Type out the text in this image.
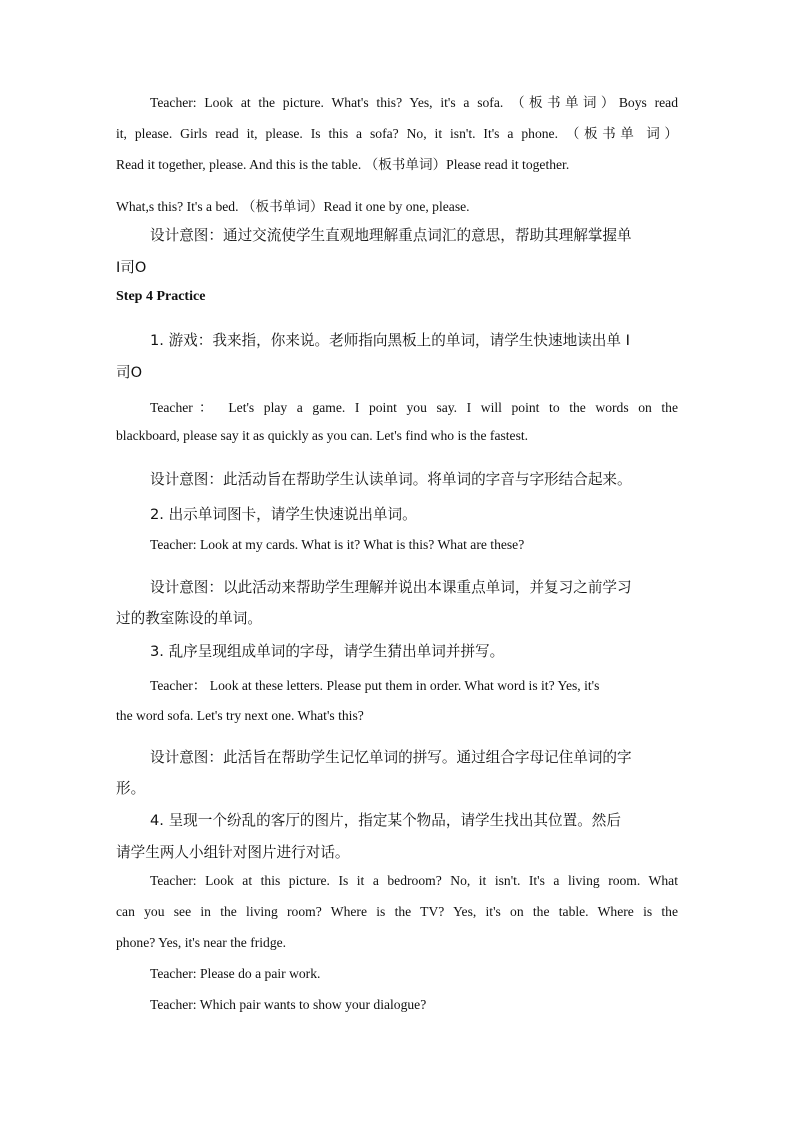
Teacher: Look at the picture. What's this? Yes, it's a sofa. （板书单词）Boys read

it, please. Girls read it, please. Is this a sofa? No, it isn't. It's a phone. （板书单 词）

Read it together, please. And this is the table. （板书单词）Please read it together.

What,s this? It's a bed. （板书单词）Read it one by one, please.

设计意图：通过交流使学生直观地理解重点词汇的意思，帮助其理解掌握单

I司O

Step 4 Practice

1. 游戏：我来指，你来说。老师指向黑板上的单词，请学生快速地读出单 I

司O

Teacher： Let's play a game. I point you say. I will point to the words on the

blackboard, please say it as quickly as you can. Let's find who is the fastest.

设计意图：此活动旨在帮助学生认读单词。将单词的字音与字形结合起来。

2. 出示单词图卡，请学生快速说出单词。

Teacher: Look at my cards. What is it? What is this? What are these?

设计意图：以此活动来帮助学生理解并说出本课重点单词，并复习之前学习

过的教室陈设的单词。

3. 乱序呈现组成单词的字母，请学生猜出单词并拼写。

Teacher： Look at these letters. Please put them in order. What word is it? Yes, it's

the word sofa. Let's try next one. What's this?

设计意图：此活旨在帮助学生记忆单词的拼写。通过组合字母记住单词的字

形。

4. 呈现一个纷乱的客厅的图片，指定某个物品，请学生找出其位置。然后

请学生两人小组针对图片进行对话。

Teacher: Look at this picture. Is it a bedroom? No, it isn't. It's a living room. What

can you see in the living room? Where is the TV? Yes, it's on the table. Where is the

phone? Yes, it's near the fridge.

Teacher: Please do a pair work.

Teacher: Which pair wants to show your dialogue?
